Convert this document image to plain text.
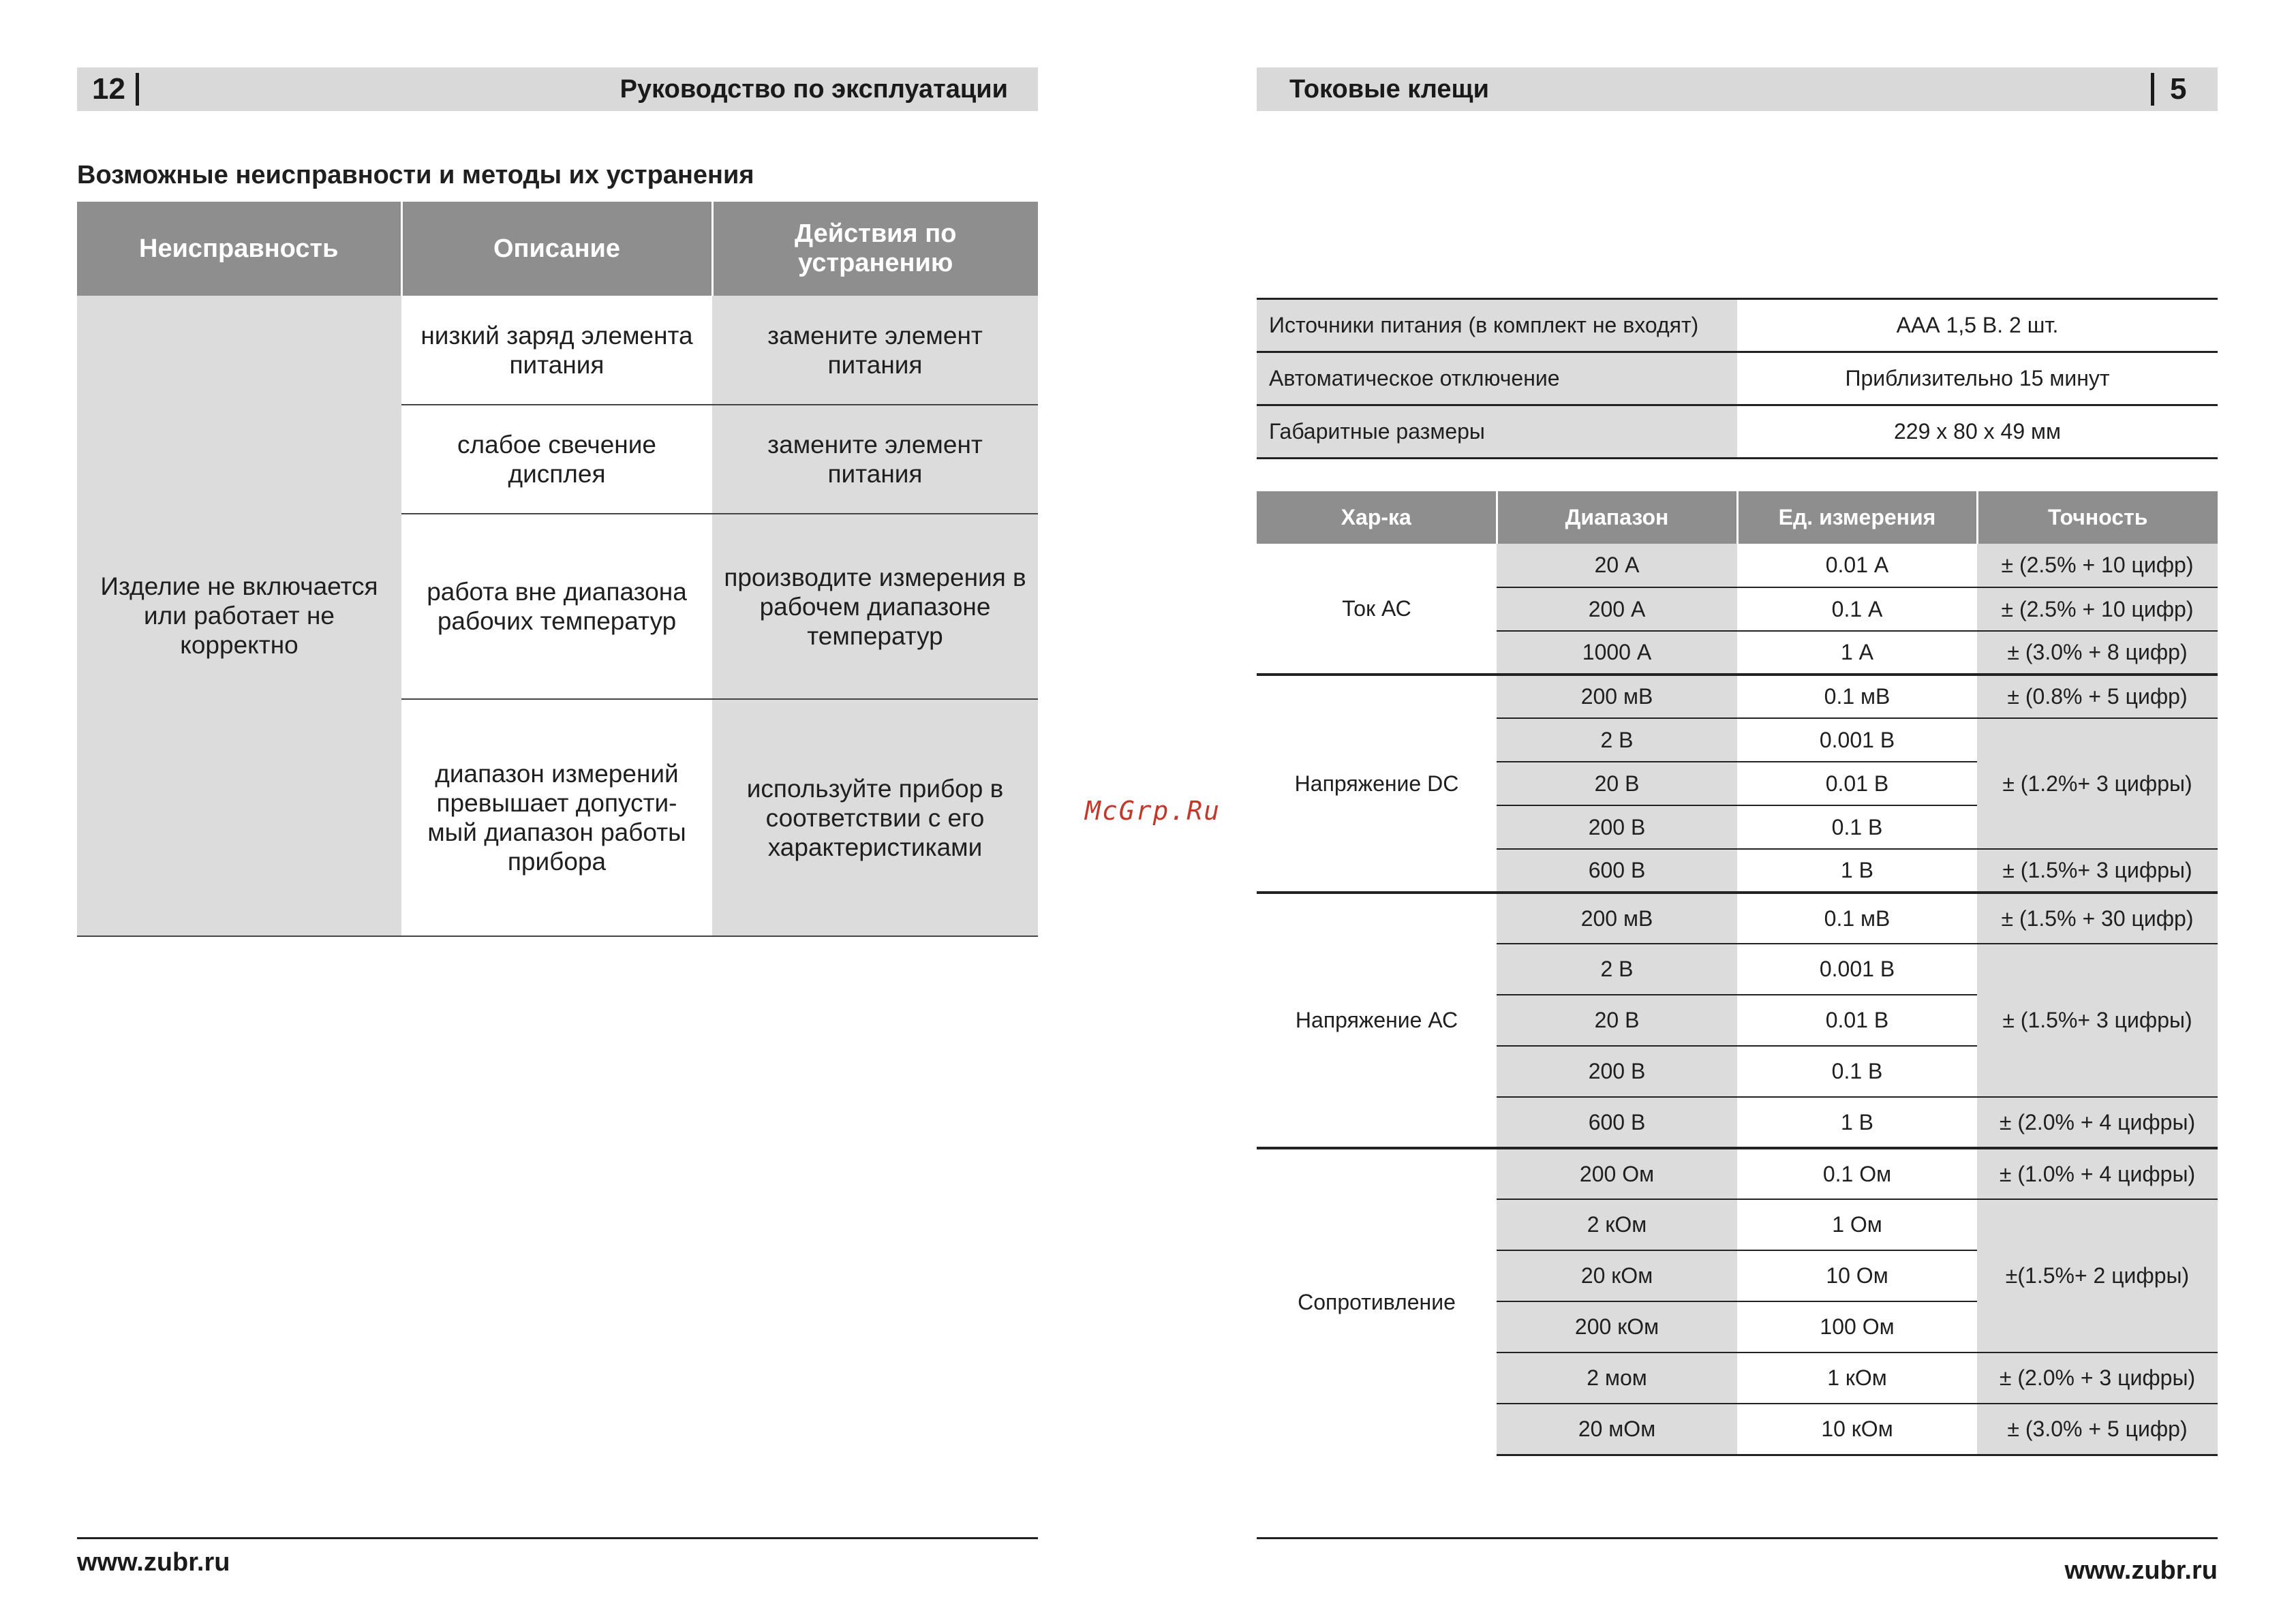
12	Руководство по эксплуатации
Возможные неисправности и методы их устранения
Неисправность	Описание	Действия по устранению
Изделие не включается или работает не корректно	низкий заряд элемента питания	замените элемент питания
	слабое свечение дисплея	замените элемент питания
	работа вне диапазона рабочих температур	производите измерения в рабочем диапазоне температур
	диапазон измерений превышает допусти-мый диапазон работы прибора	используйте прибор в соответствии с его характеристиками
www.zubr.ru
McGrp.Ru
Токовые клещи	5
Источники питания (в комплект не входят)	ААА 1,5 В. 2 шт.
Автоматическое отключение	Приблизительно 15 минут
Габаритные размеры	229 х 80 х 49 мм
Хар-ка	Диапазон	Ед. измерения	Точность
Ток АС	20 А	0.01 А	± (2.5% + 10 цифр)
	200 А	0.1 А	± (2.5% + 10 цифр)
	1000 А	1 А	± (3.0% + 8 цифр)
Напряжение DC	200 мВ	0.1 мВ	± (0.8% + 5 цифр)
	2 В	0.001 В	± (1.2%+ 3 цифры)
	20 В	0.01 В	
	200 В	0.1 В	
	600 В	1 В	± (1.5%+ 3 цифры)
Напряжение АС	200 мВ	0.1 мВ	± (1.5% + 30 цифр)
	2 В	0.001 В	± (1.5%+ 3 цифры)
	20 В	0.01 В	
	200 В	0.1 В	
	600 В	1 В	± (2.0% + 4 цифры)
Сопротивление	200 Ом	0.1 Ом	± (1.0% + 4 цифры)
	2 кОм	1 Ом	±(1.5%+ 2 цифры)
	20 кОм	10 Ом	
	200 кОм	100 Ом	
	2 мом	1 кОм	± (2.0% + 3 цифры)
	20 мОм	10 кОм	± (3.0% + 5 цифр)
www.zubr.ru
